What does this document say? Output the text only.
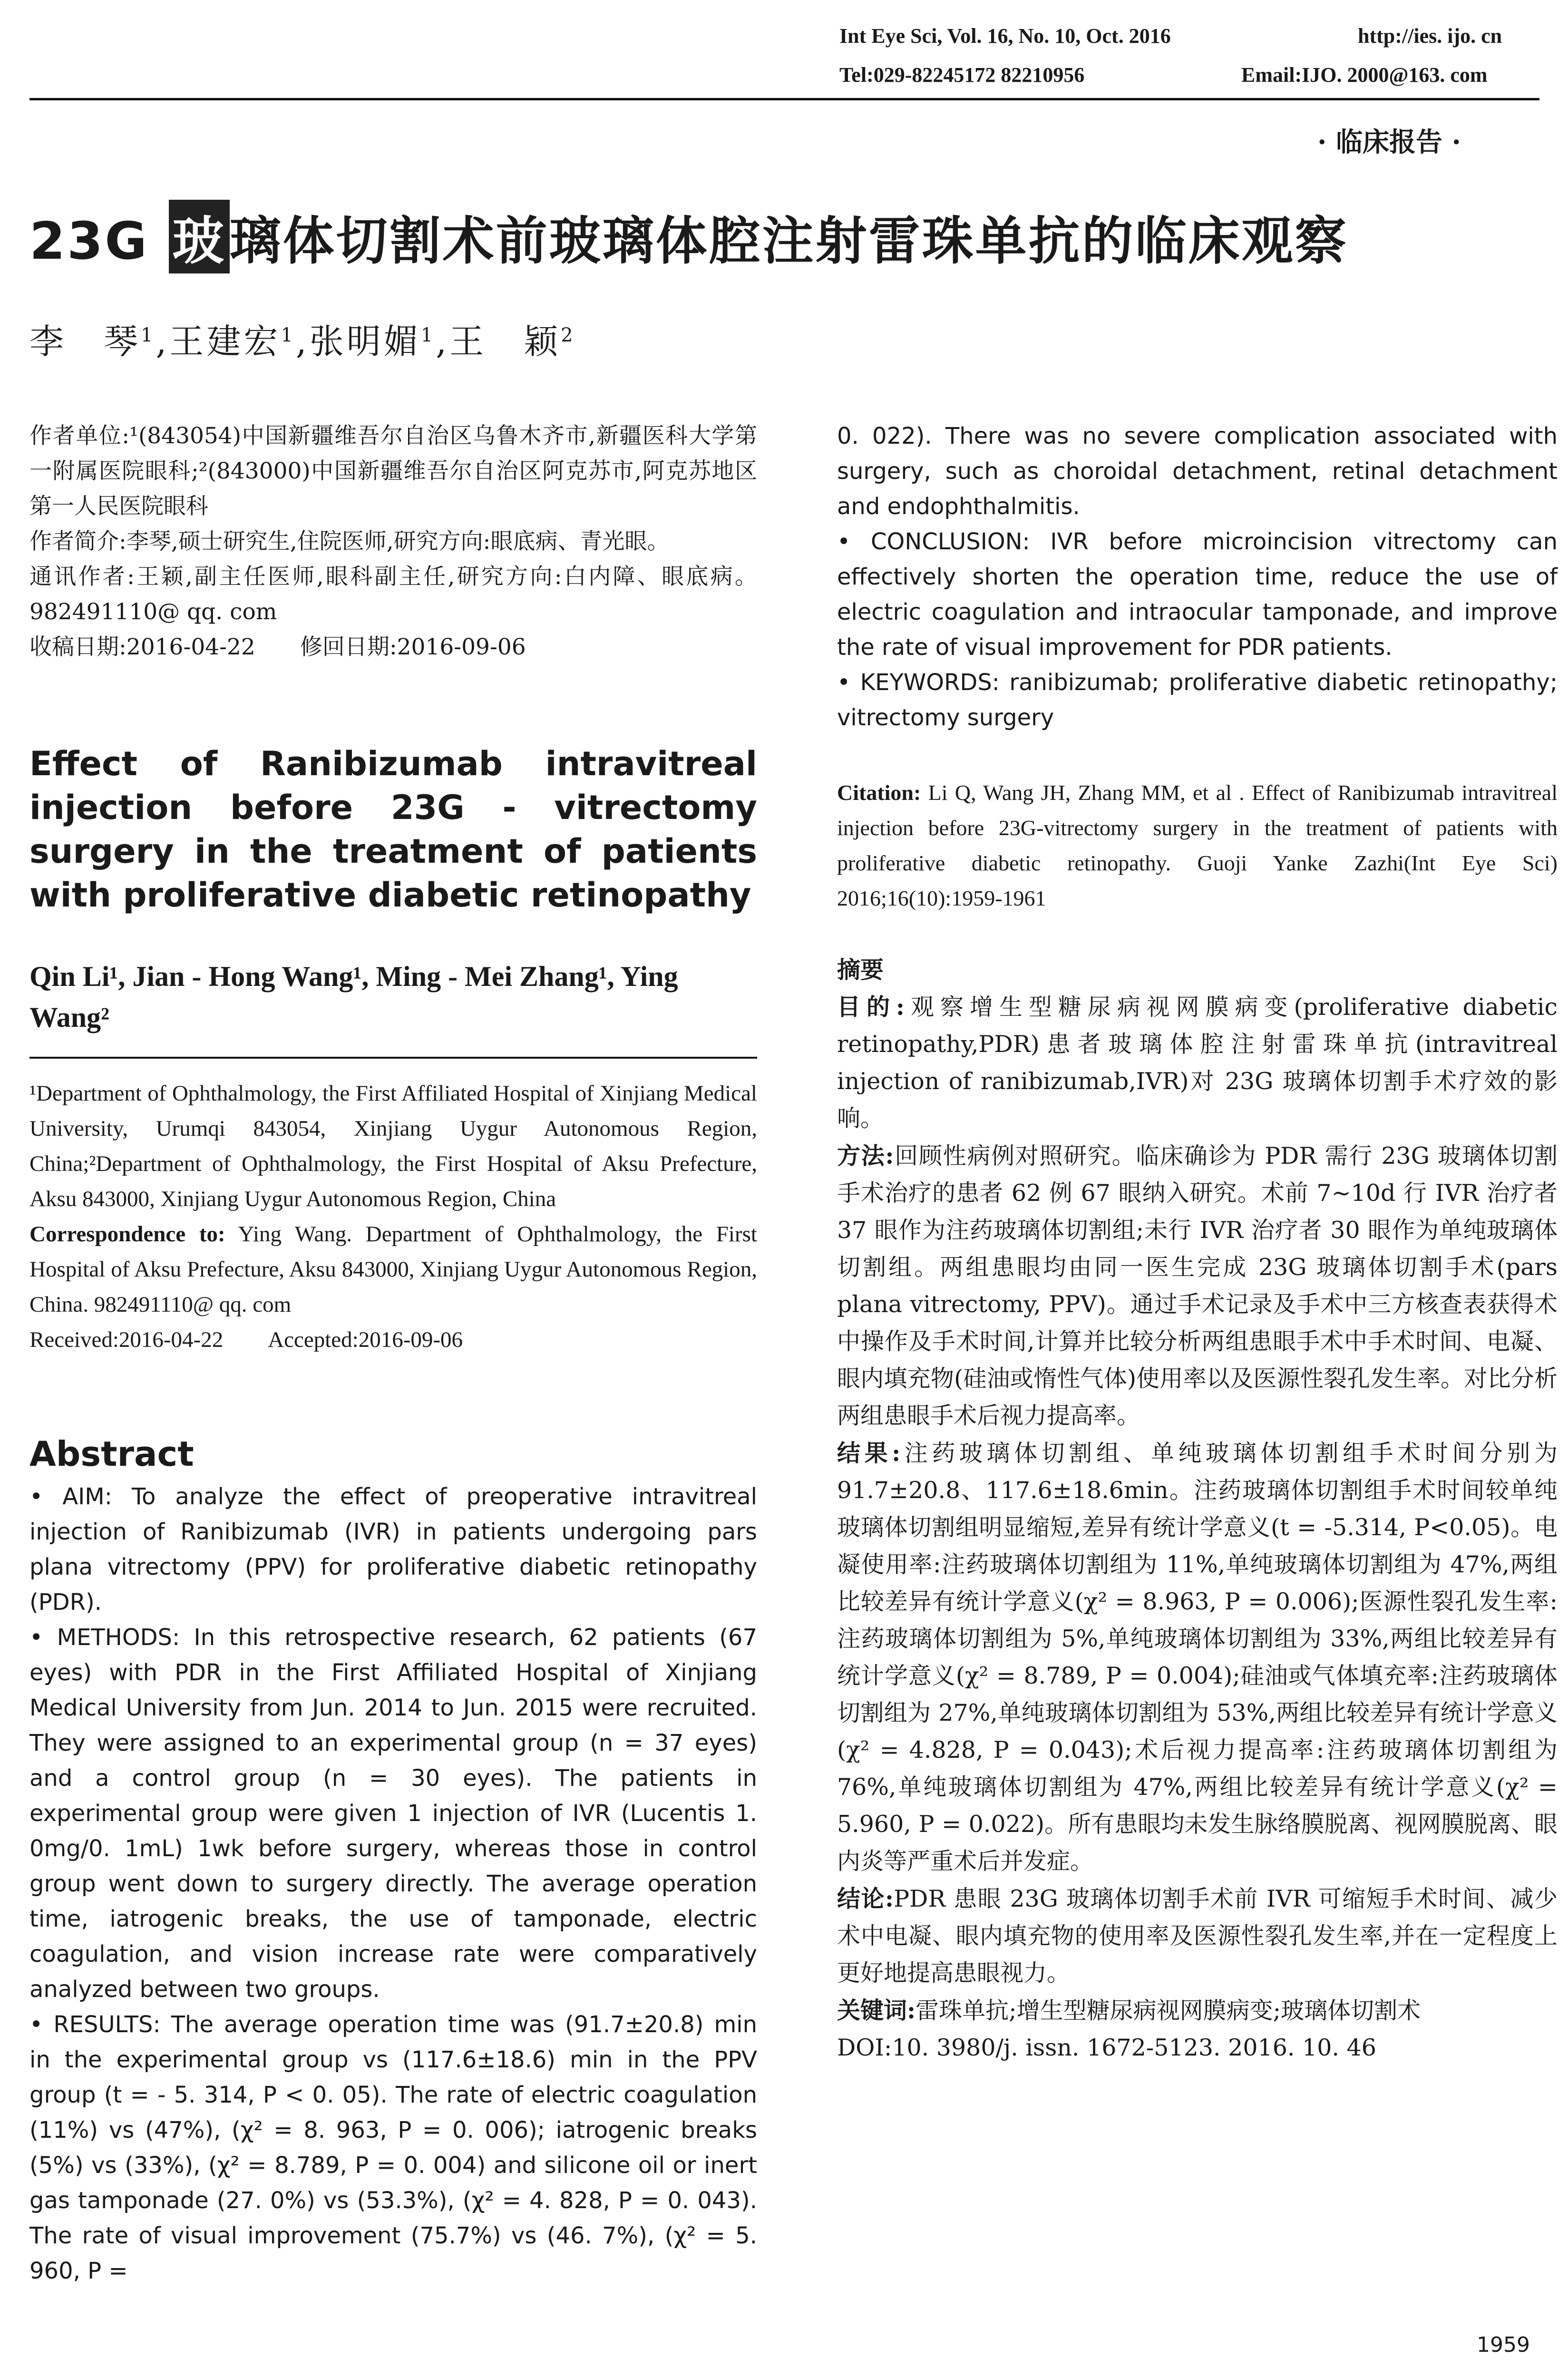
Int Eye Sci, Vol. 16, No. 10, Oct. 2016	http://ies. ijo. cn
Tel:029-82245172 82210956	Email:IJO. 2000@163. com
· 临床报告 ·
23G 玻璃体切割术前玻璃体腔注射雷珠单抗的临床观察
李　琴$^1$,王建宏$^1$,张明媚$^1$,王　颖$^2$

作者单位:¹(843054)中国新疆维吾尔自治区乌鲁木齐市,新疆医科大学第一附属医院眼科;²(843000)中国新疆维吾尔自治区阿克苏市,阿克苏地区第一人民医院眼科

作者简介:李琴,硕士研究生,住院医师,研究方向:眼底病、青光眼。

通讯作者:王颖,副主任医师,眼科副主任,研究方向:白内障、眼底病。982491110@ qq. com

收稿日期:2016-04-22　　修回日期:2016-09-06

Effect of Ranibizumab intravitreal injection before 23G - vitrectomy surgery in the treatment of patients with proliferative diabetic retinopathy
Qin Li¹, Jian - Hong Wang¹, Ming - Mei Zhang¹, Ying Wang²

¹Department of Ophthalmology, the First Affiliated Hospital of Xinjiang Medical University, Urumqi 843054, Xinjiang Uygur Autonomous Region, China;²Department of Ophthalmology, the First Hospital of Aksu Prefecture, Aksu 843000, Xinjiang Uygur Autonomous Region, China

Correspondence to: Ying Wang. Department of Ophthalmology, the First Hospital of Aksu Prefecture, Aksu 843000, Xinjiang Uygur Autonomous Region, China. 982491110@ qq. com

Received:2016-04-22　　Accepted:2016-09-06

Abstract

• AIM: To analyze the effect of preoperative intravitreal injection of Ranibizumab (IVR) in patients undergoing pars plana vitrectomy (PPV) for proliferative diabetic retinopathy (PDR).

• METHODS: In this retrospective research, 62 patients (67 eyes) with PDR in the First Affiliated Hospital of Xinjiang Medical University from Jun. 2014 to Jun. 2015 were recruited. They were assigned to an experimental group (n = 37 eyes) and a control group (n = 30 eyes). The patients in experimental group were given 1 injection of IVR (Lucentis 1. 0mg/0. 1mL) 1wk before surgery, whereas those in control group went down to surgery directly. The average operation time, iatrogenic breaks, the use of tamponade, electric coagulation, and vision increase rate were comparatively analyzed between two groups.

• RESULTS: The average operation time was (91.7±20.8) min in the experimental group vs (117.6±18.6) min in the PPV group (t = - 5. 314, P < 0. 05). The rate of electric coagulation (11%) vs (47%), (χ² = 8. 963, P = 0. 006); iatrogenic breaks (5%) vs (33%), (χ² = 8.789, P = 0. 004) and silicone oil or inert gas tamponade (27. 0%) vs (53.3%), (χ² = 4. 828, P = 0. 043). The rate of visual improvement (75.7%) vs (46. 7%), (χ² = 5. 960, P =

0. 022). There was no severe complication associated with surgery, such as choroidal detachment, retinal detachment and endophthalmitis.

• CONCLUSION: IVR before microincision vitrectomy can effectively shorten the operation time, reduce the use of electric coagulation and intraocular tamponade, and improve the rate of visual improvement for PDR patients.

• KEYWORDS: ranibizumab; proliferative diabetic retinopathy; vitrectomy surgery

Citation: Li Q, Wang JH, Zhang MM, et al . Effect of Ranibizumab intravitreal injection before 23G-vitrectomy surgery in the treatment of patients with proliferative diabetic retinopathy. Guoji Yanke Zazhi(Int Eye Sci) 2016;16(10):1959-1961

摘要

目的:观察增生型糖尿病视网膜病变(proliferative diabetic retinopathy,PDR)患者玻璃体腔注射雷珠单抗(intravitreal injection of ranibizumab,IVR)对 23G 玻璃体切割手术疗效的影响。

方法:回顾性病例对照研究。临床确诊为 PDR 需行 23G 玻璃体切割手术治疗的患者 62 例 67 眼纳入研究。术前 7~10d 行 IVR 治疗者 37 眼作为注药玻璃体切割组;未行 IVR 治疗者 30 眼作为单纯玻璃体切割组。两组患眼均由同一医生完成 23G 玻璃体切割手术(pars plana vitrectomy, PPV)。通过手术记录及手术中三方核查表获得术中操作及手术时间,计算并比较分析两组患眼手术中手术时间、电凝、眼内填充物(硅油或惰性气体)使用率以及医源性裂孔发生率。对比分析两组患眼手术后视力提高率。

结果:注药玻璃体切割组、单纯玻璃体切割组手术时间分别为 91.7±20.8、117.6±18.6min。注药玻璃体切割组手术时间较单纯玻璃体切割组明显缩短,差异有统计学意义(t = -5.314, P<0.05)。电凝使用率:注药玻璃体切割组为 11%,单纯玻璃体切割组为 47%,两组比较差异有统计学意义(χ² = 8.963, P = 0.006);医源性裂孔发生率:注药玻璃体切割组为 5%,单纯玻璃体切割组为 33%,两组比较差异有统计学意义(χ² = 8.789, P = 0.004);硅油或气体填充率:注药玻璃体切割组为 27%,单纯玻璃体切割组为 53%,两组比较差异有统计学意义(χ² = 4.828, P = 0.043);术后视力提高率:注药玻璃体切割组为 76%,单纯玻璃体切割组为 47%,两组比较差异有统计学意义(χ² = 5.960, P = 0.022)。所有患眼均未发生脉络膜脱离、视网膜脱离、眼内炎等严重术后并发症。

结论:PDR 患眼 23G 玻璃体切割手术前 IVR 可缩短手术时间、减少术中电凝、眼内填充物的使用率及医源性裂孔发生率,并在一定程度上更好地提高患眼视力。

关键词:雷珠单抗;增生型糖尿病视网膜病变;玻璃体切割术

DOI:10. 3980/j. issn. 1672-5123. 2016. 10. 46

1959
